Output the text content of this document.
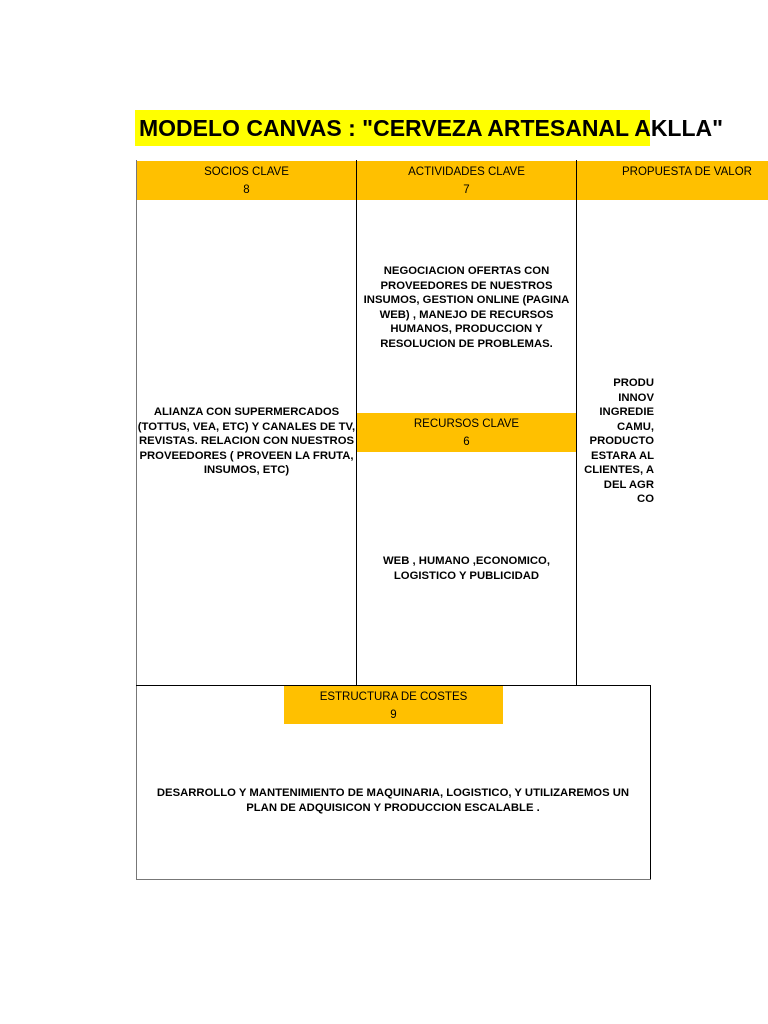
MODELO CANVAS : "CERVEZA ARTESANAL AKLLA"
SOCIOS CLAVE
8
ACTIVIDADES CLAVE
7
PROPUESTA DE VALOR
ALIANZA CON SUPERMERCADOS (TOTTUS, VEA, ETC) Y CANALES DE TV, REVISTAS. RELACION CON NUESTROS PROVEEDORES ( PROVEEN LA FRUTA, INSUMOS, ETC)
NEGOCIACION OFERTAS CON PROVEEDORES DE NUESTROS INSUMOS, GESTION ONLINE (PAGINA WEB) , MANEJO DE RECURSOS HUMANOS, PRODUCCION Y RESOLUCION DE PROBLEMAS.
RECURSOS CLAVE
6
WEB , HUMANO ,ECONOMICO, LOGISTICO Y PUBLICIDAD
PRODU
INNOV
INGREDIE
CAMU,
PRODUCTO
ESTARA AL
CLIENTES, A
DEL AGR
CO
ESTRUCTURA DE COSTES
9
DESARROLLO Y MANTENIMIENTO DE MAQUINARIA, LOGISTICO, Y UTILIZAREMOS UN PLAN DE ADQUISICON Y PRODUCCION ESCALABLE .
